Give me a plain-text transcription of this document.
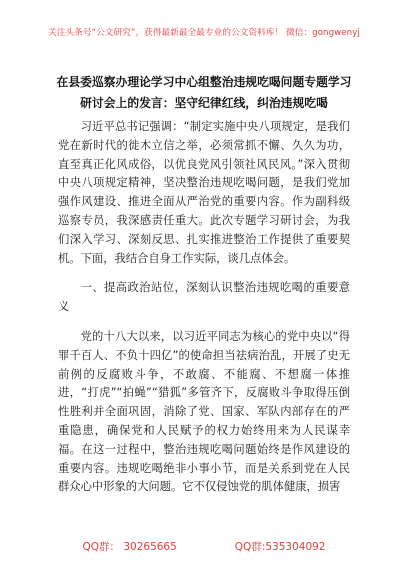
关注头条号“公文研究”，获得最新最全最专业的公文资料库！ 微信：gongwenyj
在县委巡察办理论学习中心组整治违规吃喝问题专题学习
研讨会上的发言：坚守纪律红线，纠治违规吃喝

习近平总书记强调：“制定实施中央八项规定，是我们党在新时代的徙木立信之举，必须常抓不懈、久久为功，直至真正化风成俗，以优良党风引领社风民风。”深入贯彻中央八项规定精神，坚决整治违规吃喝问题，是我们党加强作风建设、推进全面从严治党的重要内容。作为副科级巡察专员，我深感责任重大。此次专题学习研讨会，为我们深入学习、深刻反思、扎实推进整治工作提供了重要契机。下面，我结合自身工作实际，谈几点体会。

一、提高政治站位，深刻认识整治违规吃喝的重要意义

党的十八大以来，以习近平同志为核心的党中央以“得罪千百人、不负十四亿”的使命担当祛病治乱，开展了史无前例的反腐败斗争，不敢腐、不能腐、不想腐一体推进，“打虎”“拍蝇”“猎狐”多管齐下，反腐败斗争取得压倒性胜利并全面巩固，消除了党、国家、军队内部存在的严重隐患，确保党和人民赋予的权力始终用来为人民谋幸福。在这一过程中，整治违规吃喝问题始终是作风建设的重要内容。违规吃喝绝非小事小节，而是关系到党在人民群众心中形象的大问题。它不仅侵蚀党的肌体健康，损害

QQ群： 30265665	QQ群:535304092
